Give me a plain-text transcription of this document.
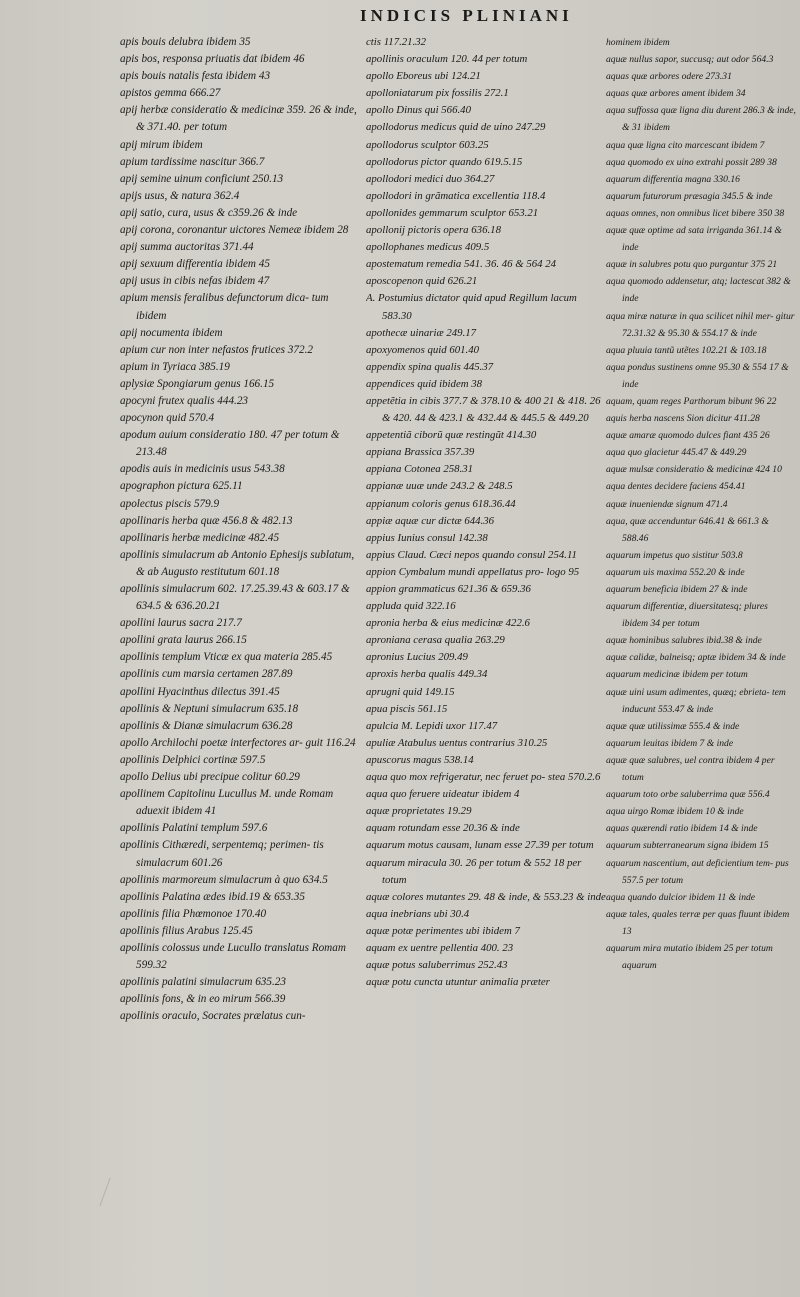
INDICIS PLINIANI
apis bouis delubra ibidem 35
apis bos, responsa priuatis dat ibidem 46
apis bouis natalis festa ibidem 43
apistos gemma 666.27
apij herbæ consideratio & medicinæ 359. 26 & inde, & 371.40. per totum
apij mirum ibidem
apium tardissime nascitur 366.7
apij semine uinum conficiunt 250.13
apijs usus, & natura 362.4
apij satio, cura, usus & c359.26 & inde
apij corona, coronantur uictores Nemeæ ibidem 28
apij summa auctoritas 371.44
apij sexuum differentia ibidem 45
apij usus in cibis nefas ibidem 47
apium mensis feralibus defunctorum dica- tum ibidem
apij nocumenta ibidem
apium cur non inter nefastos frutices 372.2
apium in Tyriaca 385.19
aplysiæ Spongiarum genus 166.15
apocyni frutex qualis 444.23
apocynon quid 570.4
apodum auium consideratio 180. 47 per totum & 213.48
apodis auis in medicinis usus 543.38
apographon pictura 625.11
apolectus piscis 579.9
apollinaris herba quæ 456.8 & 482.13
apollinaris herbæ medicinæ 482.45
apollinis simulacrum ab Antonio Ephesijs sublatum, & ab Augusto restitutum 601.18
apollinis simulacrum 602. 17.25.39.43 & 603.17 & 634.5 & 636.20.21
apollini laurus sacra 217.7
apollini grata laurus 266.15
apollinis templum Vticæ ex qua materia 285.45
apollinis cum marsia certamen 287.89
apollini Hyacinthus dilectus 391.45
apollinis & Neptuni simulacrum 635.18
apollinis & Dianæ simulacrum 636.28
apollo Archilochi poetæ interfectores ar- guit 116.24
apollinis Delphici cortinæ 597.5
apollo Delius ubi precipue colitur 60.29
apollinem Capitolinu Lucullus M. unde Romam aduexit ibidem 41
apollinis Palatini templum 597.6
apollinis Cithæredi, serpentemq; perimen- tis simulacrum 601.26
apollinis marmoreum simulacrum à quo 634.5
apollinis Palatina ædes ibid.19 & 653.35
apollinis filia Phœmonoe 170.40
apollinis filius Arabus 125.45
apollinis colossus unde Lucullo translatus Romam 599.32
apollinis palatini simulacrum 635.23
apollinis fons, & in eo mirum 566.39
apollinis oraculo, Socrates prælatus cun-
ctis 117.21.32
apollinis oraculum 120. 44 per totum
apollo Eboreus ubi 124.21
apolloniatarum pix fossilis 272.1
apollo Dinus qui 566.40
apollodorus medicus quid de uino 247.29
apollodorus sculptor 603.25
apollodorus pictor quando 619.5.15
apollodori medici duo 364.27
apollodori in grãmatica excellentia 118.4
apollonides gemmarum sculptor 653.21
apollonij pictoris opera 636.18
apollophanes medicus 409.5
apostematum remedia 541. 36. 46 & 564 24
aposcopenon quid 626.21
A. Postumius dictator quid apud Regillum lacum 583.30
apothecæ uinariæ 249.17
apoxyomenos quid 601.40
appendix spina qualis 445.37
appendices quid ibidem 38
appetẽtia in cibis 377.7 & 378.10 & 400 21 & 418. 26 & 420. 44 & 423.1 & 432.44 & 445.5 & 449.20
appetentiã ciborũ quæ restingũt 414.30
appiana Brassica 357.39
appiana Cotonea 258.31
appianæ uuæ unde 243.2 & 248.5
appianum coloris genus 618.36.44
appiæ aquæ cur dictæ 644.36
appius Iunius consul 142.38
appius Claud. Cæci nepos quando consul 254.11
appion Cymbalum mundi appellatus pro- logo 95
appion grammaticus 621.36 & 659.36
appluda quid 322.16
apronia herba & eius medicinæ 422.6
aproniana cerasa qualia 263.29
apronius Lucius 209.49
aproxis herba qualis 449.34
aprugni quid 149.15
apua piscis 561.15
apulcia M. Lepidi uxor 117.47
apuliæ Atabulus uentus contrarius 310.25
apuscorus magus 538.14
aqua quo mox refrigeratur, nec feruet po- stea 570.2.6
aqua quo feruere uideatur ibidem 4
aquæ proprietates 19.29
aquam rotundam esse 20.36 & inde
aquarum motus causam, lunam esse 27.39 per totum
aquarum miracula 30. 26 per totum & 552 18 per totum
aquæ colores mutantes 29. 48 & inde, & 553.23 & inde
aqua inebrians ubi 30.4
aquæ potæ perimentes ubi ibidem 7
aquam ex uentre pellentia 400. 23
aquæ potus saluberrimus 252.43
aquæ potu cuncta utuntur animalia præter
hominem ibidem
aquæ nullus sapor, succusq; aut odor 564.3
aquas quæ arbores odere 273.31
aquas quæ arbores ament ibidem 34
aqua suffossa quæ ligna diu durent 286.3 & inde, & 31 ibidem
aqua quæ ligna cito marcescant ibidem 7
aqua quomodo ex uino extrahi possit 289 38
aquarum differentia magna 330.16
aquarum futurorum præsagia 345.5 & inde
aquas omnes, non omnibus licet bibere 350 38
aquæ quæ optime ad sata irriganda 361.14 & inde
aquæ in salubres potu quo purgantur 375 21
aqua quomodo addensetur, atq; lactescat 382 & inde
aqua miræ naturæ in qua scilicet nihil mer- gitur 72.31.32 & 95.30 & 554.17 & inde
aqua pluuia tantũ utẽtes 102.21 & 103.18
aqua pondus sustinens omne 95.30 & 554 17 & inde
aquam, quam reges Parthorum bibunt 96 22
aquis herba nascens Sion dicitur 411.28
aquæ amaræ quomodo dulces fiant 435 26
aqua quo glacietur 445.47 & 449.29
aquæ mulsæ consideratio & medicinæ 424 10
aqua dentes decidere faciens 454.41
aquæ inueniendæ signum 471.4
aqua, quæ accenduntur 646.41 & 661.3 & 588.46
aquarum impetus quo sistitur 503.8
aquarum uis maxima 552.20 & inde
aquarum beneficia ibidem 27 & inde
aquarum differentiæ, diuersitatesq; plures ibidem 34 per totum
aquæ hominibus salubres ibid.38 & inde
aquæ calidæ, balneisq; aptæ ibidem 34 & inde
aquarum medicinæ ibidem per totum
aquæ uini usum adimentes, quæq; ebrieta- tem inducunt 553.47 & inde
aquæ quæ utilissimæ 555.4 & inde
aquarum leuitas ibidem 7 & inde
aquæ quæ salubres, uel contra ibidem 4 per totum
aquarum toto orbe saluberrima quæ 556.4
aqua uirgo Romæ ibidem 10 & inde
aquas quærendi ratio ibidem 14 & inde
aquarum subterranearum signa ibidem 15
aquarum nascentium, aut deficientium tem- pus 557.5 per totum
aqua quando dulcior ibidem 11 & inde
aquæ tales, quales terræ per quas fluunt ibidem 13
aquarum mira mutatio ibidem 25 per totum aquarum
